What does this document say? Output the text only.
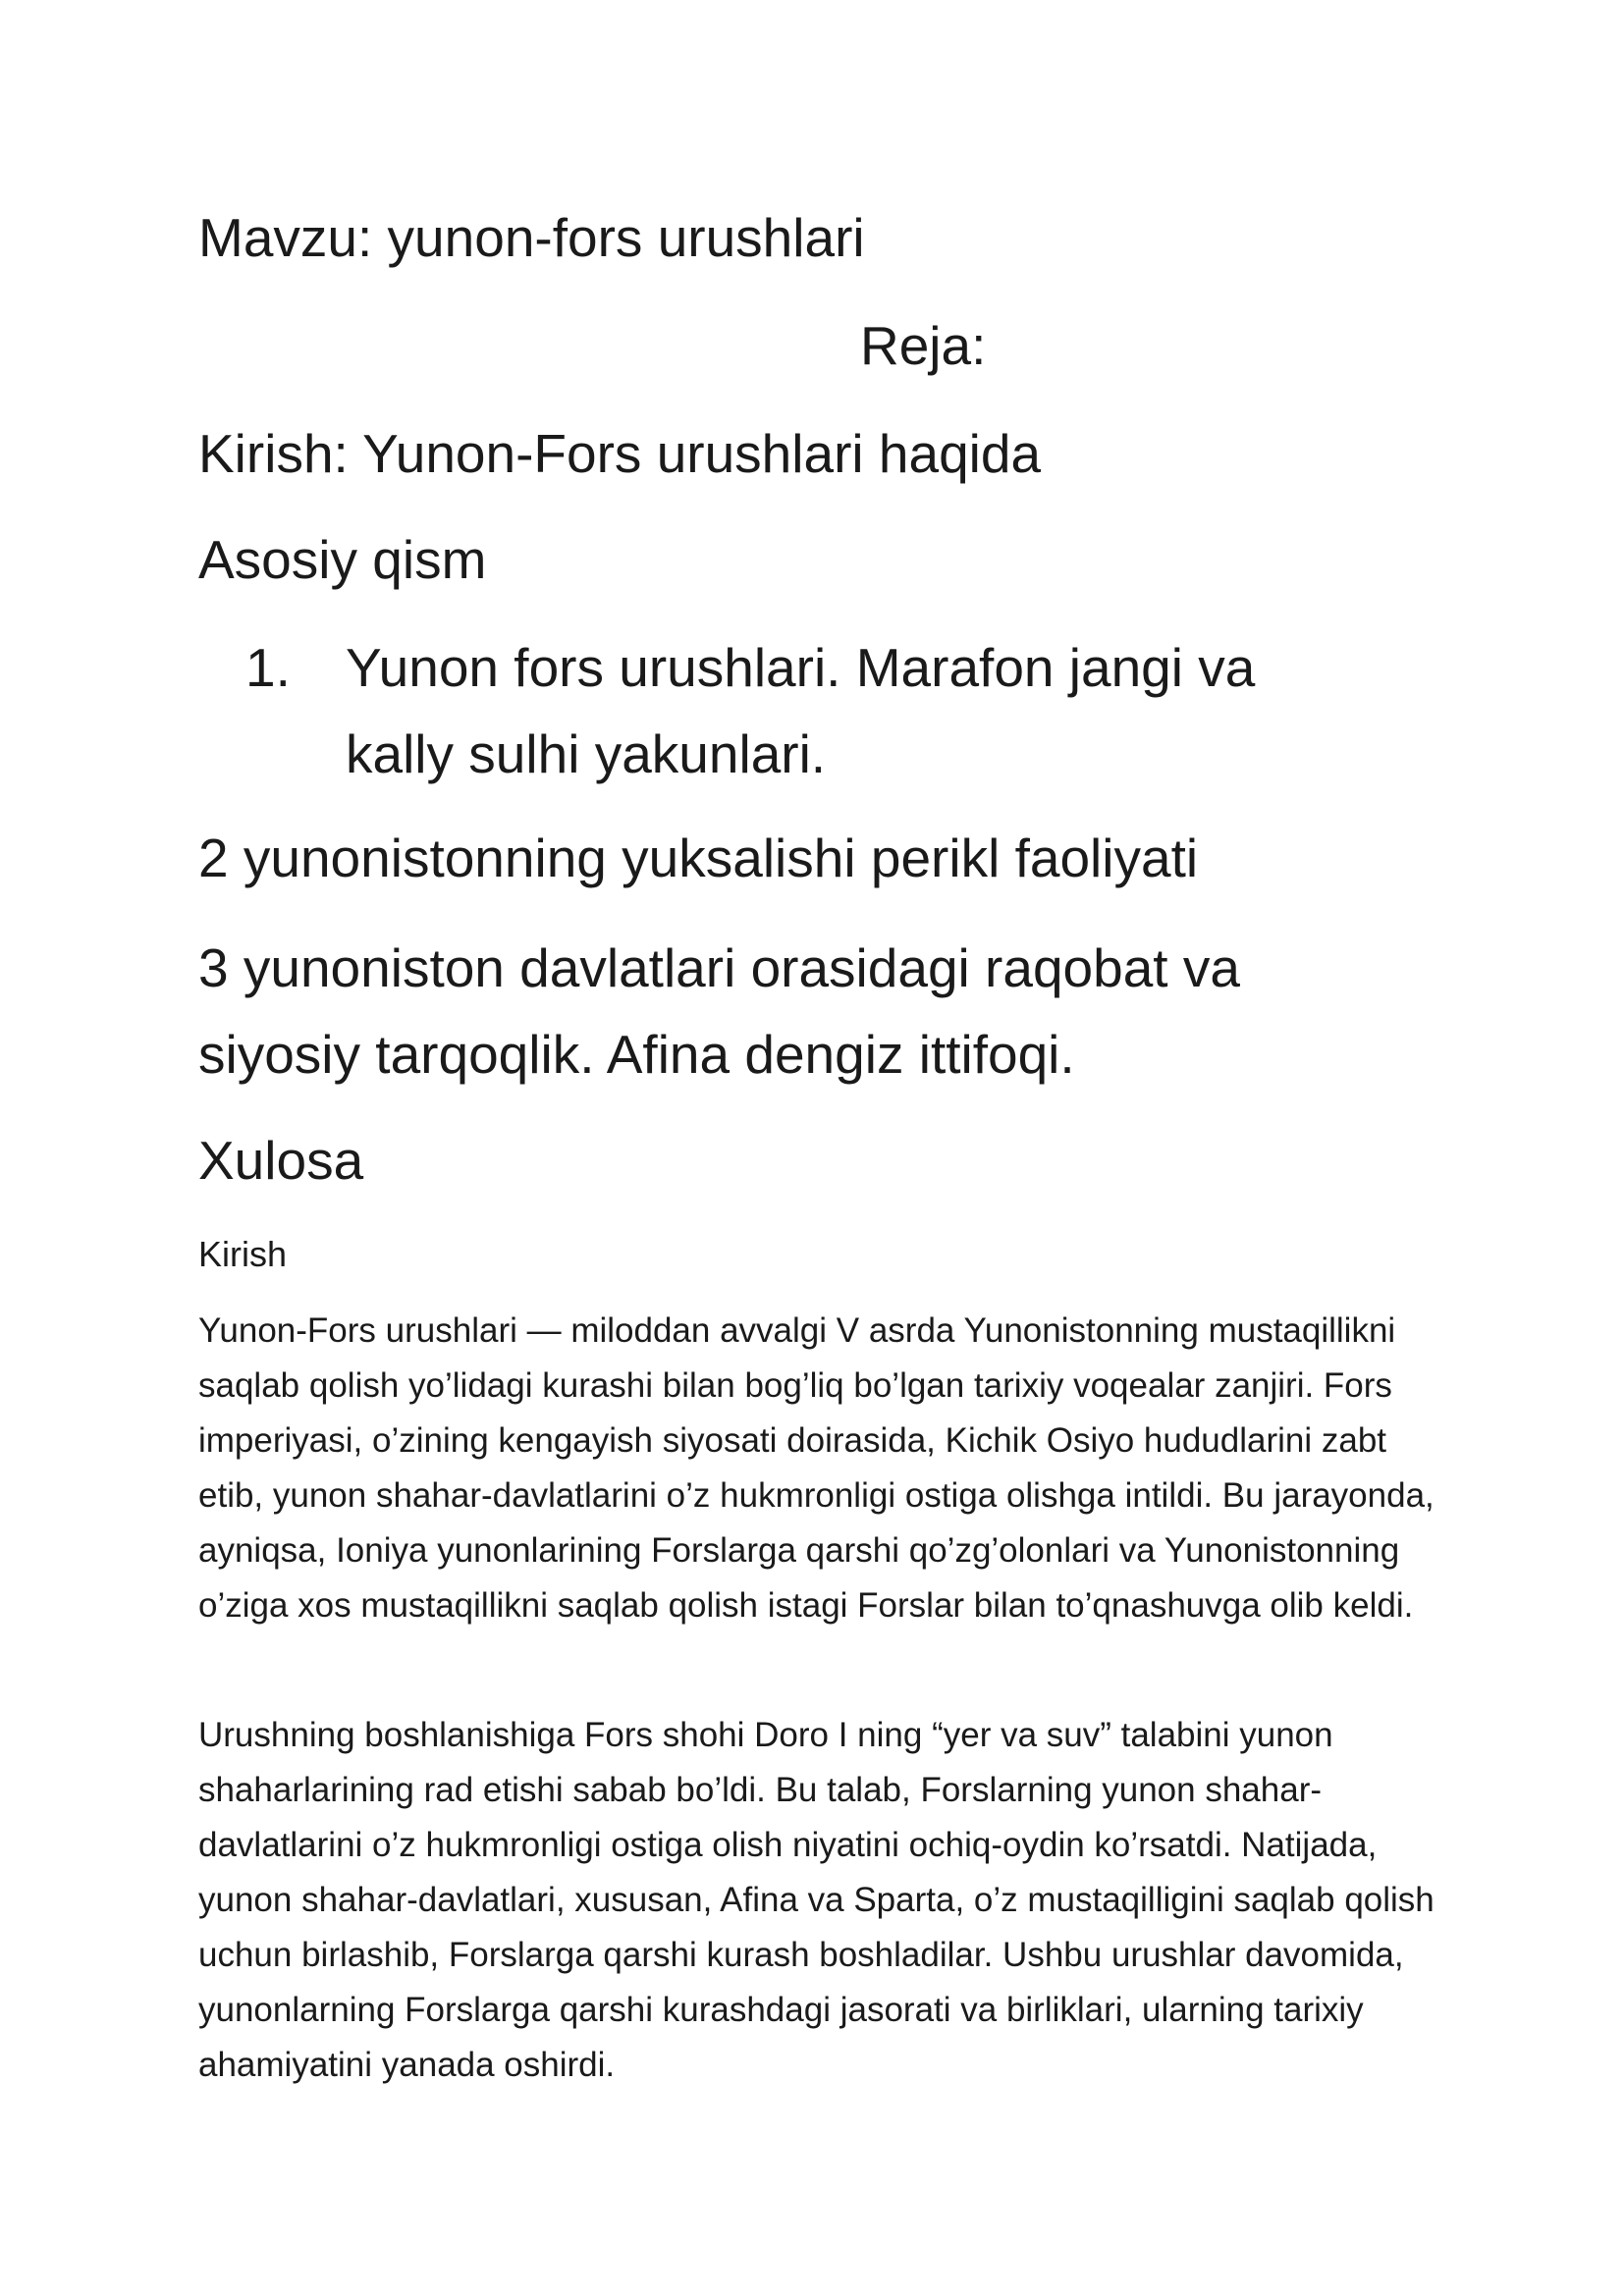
Mavzu: yunon-fors urushlari

Reja:

Kirish: Yunon-Fors urushlari haqida

Asosiy qism

1.	Yunon fors urushlari. Marafon jangi va kally sulhi yakunlari.

2 yunonistonning yuksalishi perikl faoliyati

3 yunoniston davlatlari orasidagi raqobat va siyosiy tarqoqlik. Afina dengiz ittifoqi.

Xulosa

Kirish

Yunon-Fors urushlari — miloddan avvalgi V asrda Yunonistonning mustaqillikni saqlab qolish yo’lidagi kurashi bilan bog’liq bo’lgan tarixiy voqealar zanjiri. Fors imperiyasi, o’zining kengayish siyosati doirasida, Kichik Osiyo hududlarini zabt etib, yunon shahar-davlatlarini o’z hukmronligi ostiga olishga intildi. Bu jarayonda, ayniqsa, Ioniya yunonlarining Forslarga qarshi qo’zg’olonlari va Yunonistonning o’ziga xos mustaqillikni saqlab qolish istagi Forslar bilan to’qnashuvga olib keldi.

Urushning boshlanishiga Fors shohi Doro I ning “yer va suv” talabini yunon shaharlarining rad etishi sabab bo’ldi. Bu talab, Forslarning yunon shahar-davlatlarini o’z hukmronligi ostiga olish niyatini ochiq-oydin ko’rsatdi. Natijada, yunon shahar-davlatlari, xususan, Afina va Sparta, o’z mustaqilligini saqlab qolish uchun birlashib, Forslarga qarshi kurash boshladilar. Ushbu urushlar davomida, yunonlarning Forslarga qarshi kurashdagi jasorati va birliklari, ularning tarixiy ahamiyatini yanada oshirdi.
